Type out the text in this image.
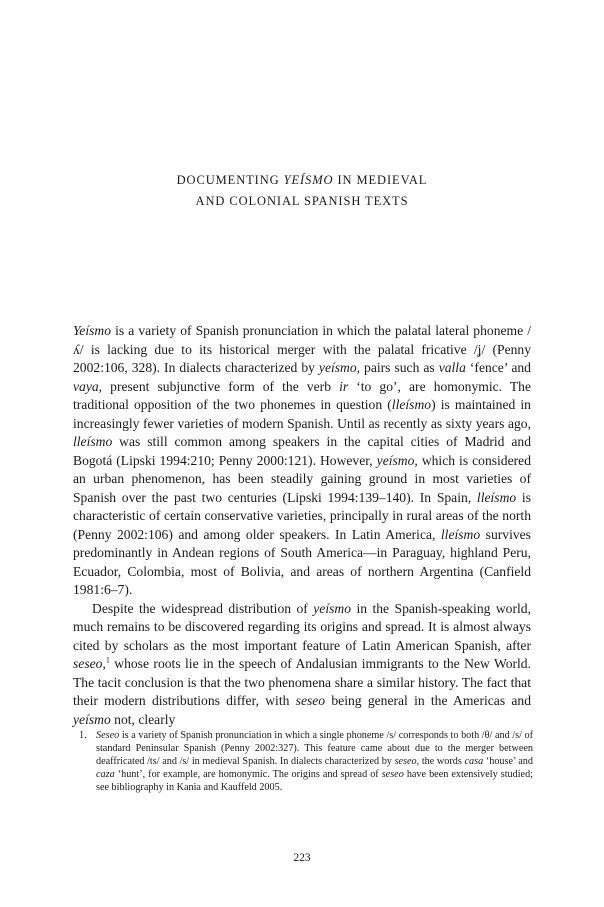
DOCUMENTING YEÍSMO IN MEDIEVAL
AND COLONIAL SPANISH TEXTS

Yeísmo is a variety of Spanish pronunciation in which the palatal lateral phoneme /ʎ/ is lacking due to its historical merger with the palatal fricative /ʝ/ (Penny 2002:106, 328). In dialects characterized by yeísmo, pairs such as valla ‘fence’ and vaya, present subjunctive form of the verb ir ‘to go’, are homonymic. The traditional opposition of the two phonemes in question (lleísmo) is maintained in increasingly fewer varieties of modern Spanish. Until as recently as sixty years ago, lleísmo was still common among speakers in the capital cities of Madrid and Bogotá (Lipski 1994:210; Penny 2000:121). However, yeísmo, which is considered an urban phenomenon, has been steadily gaining ground in most varieties of Spanish over the past two centuries (Lipski 1994:139–140). In Spain, lleísmo is characteristic of certain conservative varieties, principally in rural areas of the north (Penny 2002:106) and among older speakers. In Latin America, lleísmo survives predominantly in Andean regions of South America—in Paraguay, highland Peru, Ecuador, Colombia, most of Bolivia, and areas of northern Argentina (Canfield 1981:6–7).

Despite the widespread distribution of yeísmo in the Spanish-speaking world, much remains to be discovered regarding its origins and spread. It is almost always cited by scholars as the most important feature of Latin American Spanish, after seseo,$^1$ whose roots lie in the speech of Andalusian immigrants to the New World. The tacit conclusion is that the two phenomena share a similar history. The fact that their modern distributions differ, with seseo being general in the Americas and yeísmo not, clearly

1. Seseo is a variety of Spanish pronunciation in which a single phoneme /s/ corresponds to both /θ/ and /s/ of standard Peninsular Spanish (Penny 2002:327). This feature came about due to the merger between deaffricated /ts/ and /s/ in medieval Spanish. In dialects characterized by seseo, the words casa ‘house’ and caza ‘hunt’, for example, are homonymic. The origins and spread of seseo have been extensively studied; see bibliography in Kania and Kauffeld 2005.
223
